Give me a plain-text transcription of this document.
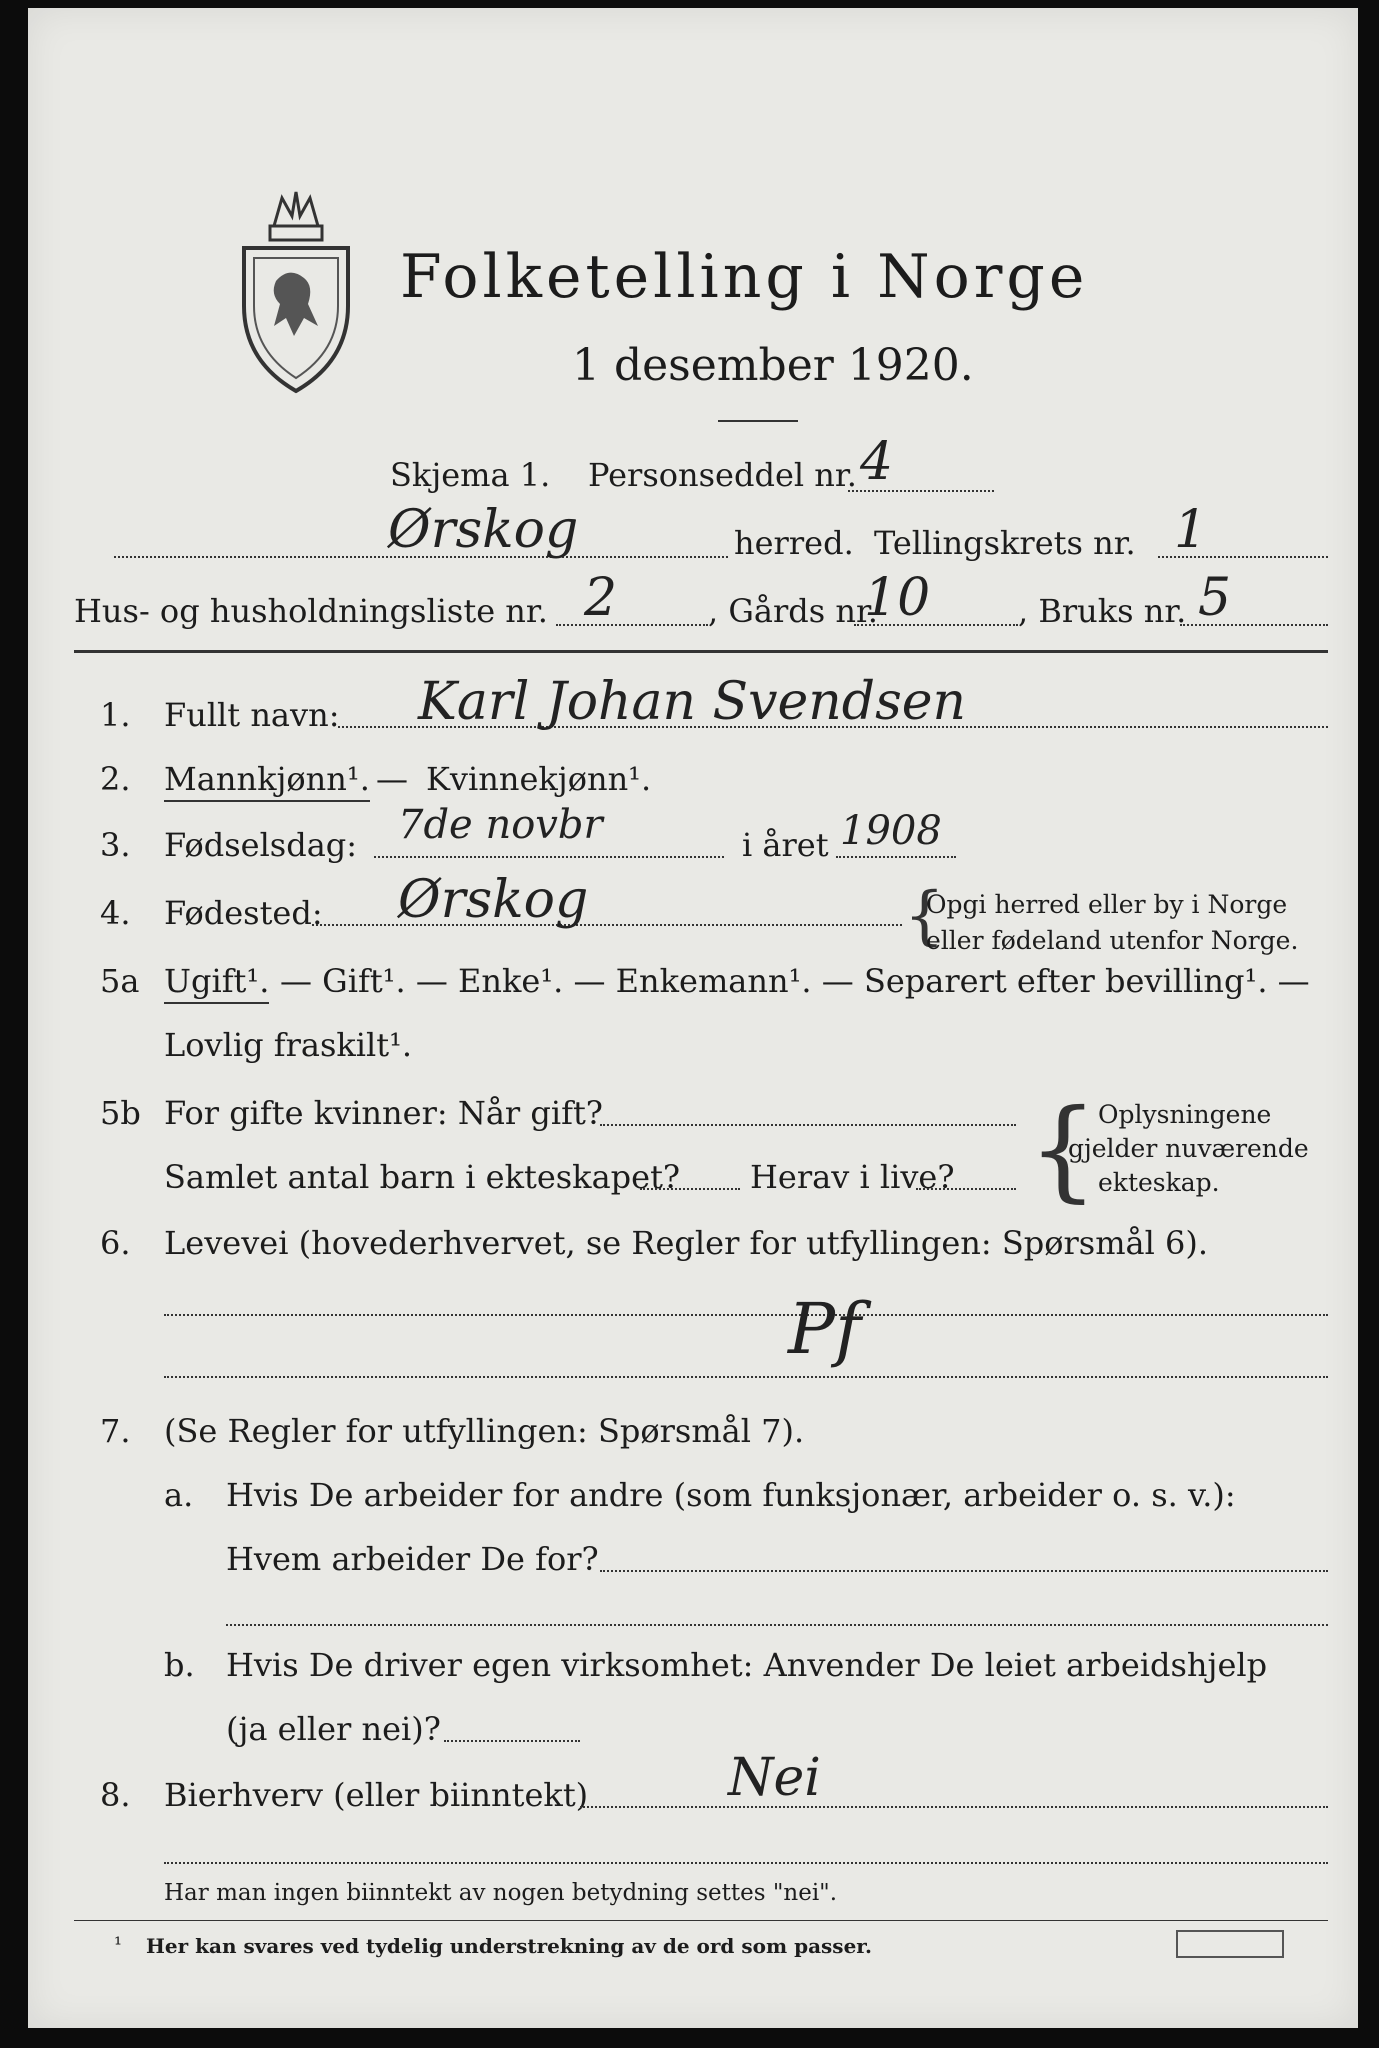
Folketelling i Norge
1 desember 1920.
Skjema 1. Personseddel nr. 4
Ørskog	herred. Tellingskrets nr. 1
Hus- og husholdningsliste nr. 2	, Gårds nr.
10	, Bruks nr. 5
1. Fullt navn: Karl Johan Svendsen
2. Mannkjønn¹. — Kvinnekjønn¹.
3. Fødselsdag: 7de novbr	i året 1908
4. Fødested: Ørskog	{
Opgi herred eller by i Norge
eller fødeland utenfor Norge.
5a Ugift¹. — Gift¹. — Enke¹. — Enkemann¹. — Separert efter bevilling¹. —
Lovlig fraskilt¹.
5b For gifte kvinner: Når gift?
Samlet antal barn i ekteskapet? Herav i live? { Oplysningene
gjelder nuværende
ekteskap.
6. Levevei (hovederhvervet, se Regler for utfyllingen: Spørsmål 6).
Pf
7. (Se Regler for utfyllingen: Spørsmål 7).
a. Hvis De arbeider for andre (som funksjonær, arbeider o. s. v.):
Hvem arbeider De for?
b. Hvis De driver egen virksomhet: Anvender De leiet arbeidshjelp
(ja eller nei)?
8. Bierhverv (eller biinntekt)	Nei
Har man ingen biinntekt av nogen betydning settes "nei".
¹ Her kan svares ved tydelig understrekning av de ord som passer.
